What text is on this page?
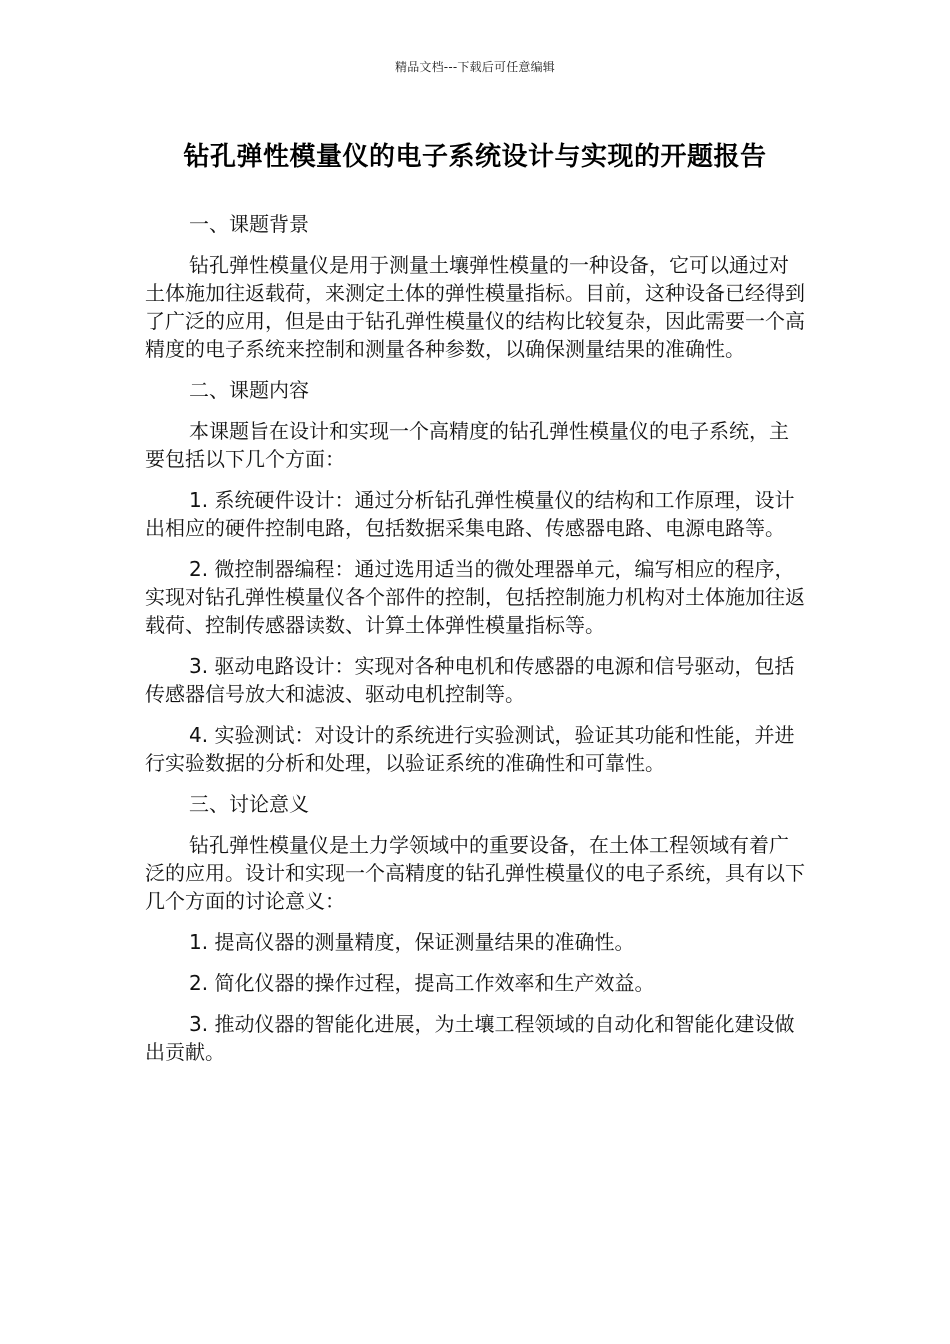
精品文档---下载后可任意编辑
钻孔弹性模量仪的电子系统设计与实现的开题报告

一、课题背景

钻孔弹性模量仪是用于测量土壤弹性模量的一种设备，它可以通过对土体施加往返载荷，来测定土体的弹性模量指标。目前，这种设备已经得到了广泛的应用，但是由于钻孔弹性模量仪的结构比较复杂，因此需要一个高精度的电子系统来控制和测量各种参数，以确保测量结果的准确性。

二、课题内容

本课题旨在设计和实现一个高精度的钻孔弹性模量仪的电子系统，主要包括以下几个方面：

1. 系统硬件设计：通过分析钻孔弹性模量仪的结构和工作原理，设计出相应的硬件控制电路，包括数据采集电路、传感器电路、电源电路等。

2. 微控制器编程：通过选用适当的微处理器单元，编写相应的程序，实现对钻孔弹性模量仪各个部件的控制，包括控制施力机构对土体施加往返载荷、控制传感器读数、计算土体弹性模量指标等。

3. 驱动电路设计：实现对各种电机和传感器的电源和信号驱动，包括传感器信号放大和滤波、驱动电机控制等。

4. 实验测试：对设计的系统进行实验测试，验证其功能和性能，并进行实验数据的分析和处理，以验证系统的准确性和可靠性。

三、讨论意义

钻孔弹性模量仪是土力学领域中的重要设备，在土体工程领域有着广泛的应用。设计和实现一个高精度的钻孔弹性模量仪的电子系统，具有以下几个方面的讨论意义：

1. 提高仪器的测量精度，保证测量结果的准确性。

2. 简化仪器的操作过程，提高工作效率和生产效益。

3. 推动仪器的智能化进展，为土壤工程领域的自动化和智能化建设做出贡献。
